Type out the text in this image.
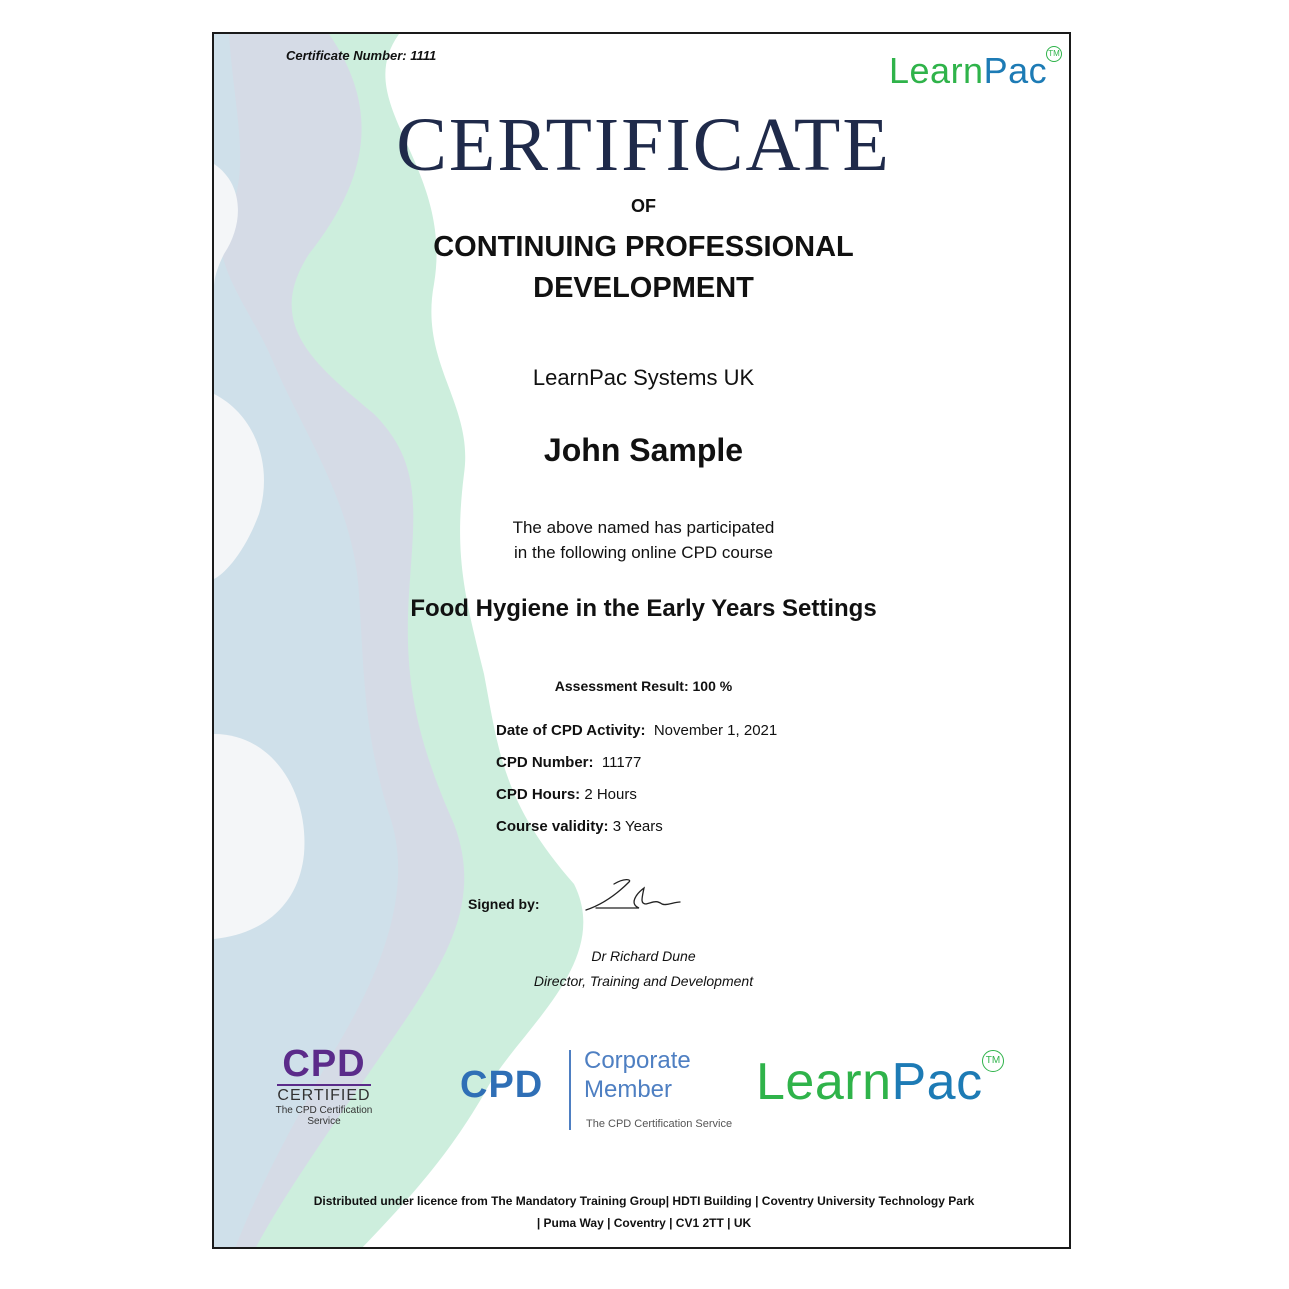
Certificate Number: 1111	LearnPac TM
CERTIFICATE
OF
CONTINUING PROFESSIONAL
DEVELOPMENT
LearnPac Systems UK
John Sample
The above named has participated
in the following online CPD course
Food Hygiene in the Early Years Settings
Assessment Result: 100 %
Date of CPD Activity: November 1, 2021
CPD Number: 11177
CPD Hours: 2 Hours
Course validity: 3 Years
Signed by:
Dr Richard Dune
Director, Training and Development
CPD
CERTIFIED
The CPD Certification
Service
CPD
Corporate
Member
The CPD Certification Service
LearnPac TM
Distributed under licence from The Mandatory Training Group| HDTI Building | Coventry University Technology Park
| Puma Way | Coventry | CV1 2TT | UK
